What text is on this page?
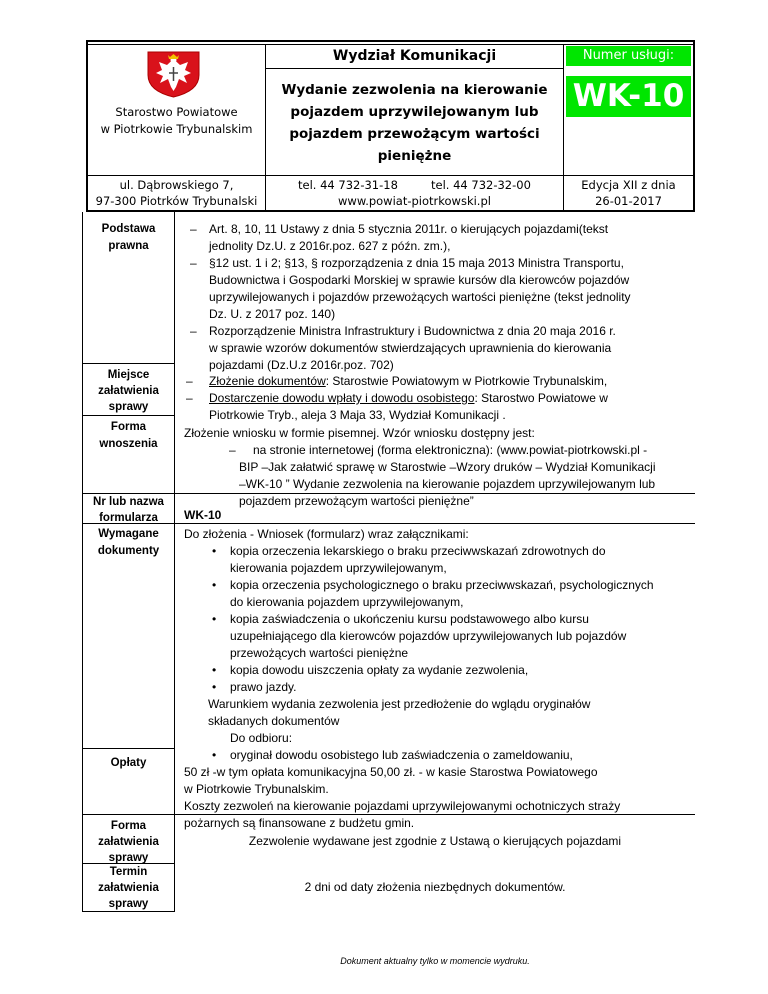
Starostwo Powiatowe
w Piotrkowie Trybunalskim
Wydział Komunikacji
Wydanie zezwolenia na kierowanie
pojazdem uprzywilejowanym lub
pojazdem przewożącym wartości
pieniężne
Numer usługi:
WK-10
ul. Dąbrowskiego 7,
97-300 Piotrków Trybunalski
tel. 44 732-31-18	tel. 44 732-32-00
www.powiat-piotrkowski.pl
Edycja XII z dnia
26-01-2017
Podstawa
prawna
Miejsce
załatwienia
sprawy
Forma
wnoszenia
Nr lub nazwa
formularza
Wymagane
dokumenty
Opłaty
Forma
załatwienia
sprawy
Termin
załatwienia
sprawy
– Art. 8, 10, 11 Ustawy z dnia 5 stycznia 2011r. o kierujących pojazdami(tekst
jednolity Dz.U. z 2016r.poz. 627 z późn. zm.),
– §12 ust. 1 i 2; §13, § rozporządzenia z dnia 15 maja 2013 Ministra Transportu,
Budownictwa i Gospodarki Morskiej w sprawie kursów dla kierowców pojazdów
uprzywilejowanych i pojazdów przewożących wartości pieniężne (tekst jednolity
Dz. U. z 2017 poz. 140)
– Rozporządzenie Ministra Infrastruktury i Budownictwa z dnia 20 maja 2016 r.
w sprawie wzorów dokumentów stwierdzających uprawnienia do kierowania
pojazdami (Dz.U.z 2016r.poz. 702)
– Złożenie dokumentów: Starostwie Powiatowym w Piotrkowie Trybunalskim,
– Dostarczenie dowodu wpłaty i dowodu osobistego: Starostwo Powiatowe w
Piotrkowie Tryb., aleja 3 Maja 33, Wydział Komunikacji .
Złożenie wniosku w formie pisemnej. Wzór wniosku dostępny jest:
– na stronie internetowej (forma elektroniczna): (www.powiat-piotrkowski.pl -
BIP –Jak załatwić sprawę w Starostwie –Wzory druków – Wydział Komunikacji
–WK-10 ” Wydanie zezwolenia na kierowanie pojazdem uprzywilejowanym lub
pojazdem przewożącym wartości pieniężne”
WK-10
Do złożenia - Wniosek (formularz) wraz załącznikami:
• kopia orzeczenia lekarskiego o braku przeciwwskazań zdrowotnych do
kierowania pojazdem uprzywilejowanym,
• kopia orzeczenia psychologicznego o braku przeciwwskazań, psychologicznych
do kierowania pojazdem uprzywilejowanym,
• kopia zaświadczenia o ukończeniu kursu podstawowego albo kursu
uzupełniającego dla kierowców pojazdów uprzywilejowanych lub pojazdów
przewożących wartości pieniężne
• kopia dowodu uiszczenia opłaty za wydanie zezwolenia,
• prawo jazdy.
Warunkiem wydania zezwolenia jest przedłożenie do wglądu oryginałów
składanych dokumentów
Do odbioru:
• oryginał dowodu osobistego lub zaświadczenia o zameldowaniu,
50 zł -w tym opłata komunikacyjna 50,00 zł. - w kasie Starostwa Powiatowego
w Piotrkowie Trybunalskim.
Koszty zezwoleń na kierowanie pojazdami uprzywilejowanymi ochotniczych straży
pożarnych są finansowane z budżetu gmin.
Zezwolenie wydawane jest zgodnie z Ustawą o kierujących pojazdami
2 dni od daty złożenia niezbędnych dokumentów.
Dokument aktualny tylko w momencie wydruku.
